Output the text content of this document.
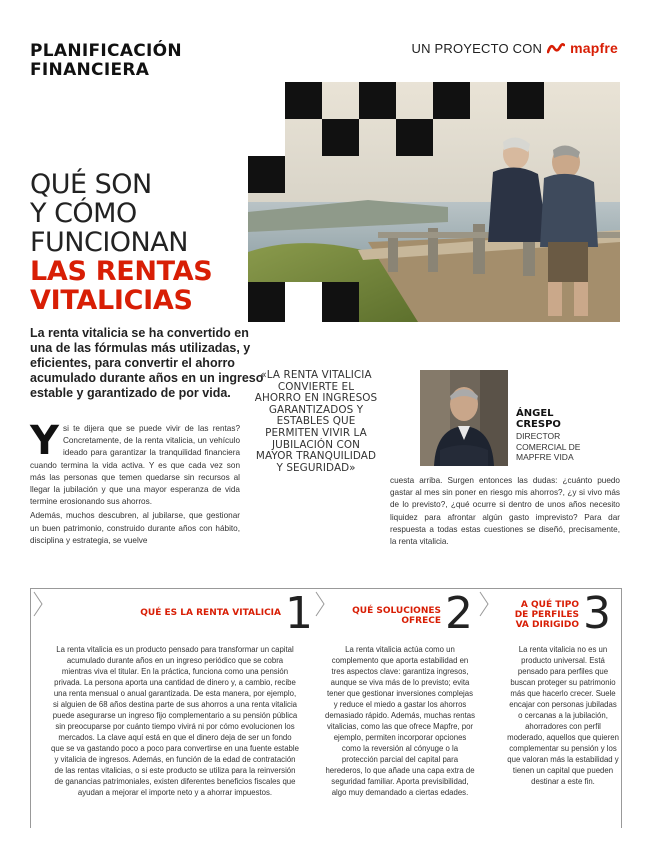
PLANIFICACIÓN
FINANCIERA
UN PROYECTO CON mapfre
QUÉ SON
Y CÓMO
FUNCIONAN
LAS RENTAS
VITALICIAS

La renta vitalicia se ha convertido en una de las fórmulas más utilizadas, y eficientes, para convertir el ahorro acumulado durante años en un ingreso estable y garantizado de por vida.

Y si te dijera que se puede vivir de las rentas? Concretamente, de la renta vitalicia, un vehículo ideado para garantizar la tranquilidad financiera cuando termina la vida activa. Y es que cada vez son más las personas que temen quedarse sin recursos al llegar la jubilación y que una mayor esperanza de vida termine erosionando sus ahorros.

Además, muchos descubren, al jubilarse, que gestionar un buen patrimonio, construido durante años con hábito, disciplina y estrategia, se vuelve

«LA RENTA VITALICIA CONVIERTE EL AHORRO EN INGRESOS GARANTIZADOS Y ESTABLES QUE PERMITEN VIVIR LA JUBILACIÓN CON MAYOR TRANQUILIDAD Y SEGURIDAD»
ÁNGEL
CRESPO
DIRECTOR
COMERCIAL DE
MAPFRE VIDA

cuesta arriba. Surgen entonces las dudas: ¿cuánto puedo gastar al mes sin poner en riesgo mis ahorros?, ¿y si vivo más de lo previsto?, ¿qué ocurre si dentro de unos años necesito liquidez para afrontar algún gasto imprevisto? Para dar respuesta a todas estas cuestiones se diseñó, precisamente, la renta vitalicia.

QUÉ ES LA RENTA VITALICIA 1
La renta vitalicia es un producto pensado para transformar un capital acumulado durante años en un ingreso periódico que se cobra mientras viva el titular. En la práctica, funciona como una pensión privada. La persona aporta una cantidad de dinero y, a cambio, recibe una renta mensual o anual garantizada. De esta manera, por ejemplo, si alguien de 68 años destina parte de sus ahorros a una renta vitalicia puede asegurarse un ingreso fijo complementario a su pensión pública sin preocuparse por cuánto tiempo vivirá ni por cómo evolucionen los mercados. La clave aquí está en que el dinero deja de ser un fondo que se va gastando poco a poco para convertirse en una fuente estable y vitalicia de ingresos. Además, en función de la edad de contratación de las rentas vitalicias, o si este producto se utiliza para la reinversión de ganancias patrimoniales, existen diferentes beneficios fiscales que ayudan a mejorar el importe neto y a ahorrar impuestos.
QUÉ SOLUCIONES
OFRECE 2
La renta vitalicia actúa como un complemento que aporta estabilidad en tres aspectos clave: garantiza ingresos, aunque se viva más de lo previsto; evita tener que gestionar inversiones complejas y reduce el miedo a gastar los ahorros demasiado rápido. Además, muchas rentas vitalicias, como las que ofrece Mapfre, por ejemplo, permiten incorporar opciones como la reversión al cónyuge o la protección parcial del capital para herederos, lo que añade una capa extra de seguridad familiar. Aporta previsibilidad, algo muy demandado a ciertas edades.
A QUÉ TIPO
DE PERFILES
VA DIRIGIDO 3
La renta vitalicia no es un producto universal. Está pensado para perfiles que buscan proteger su patrimonio más que hacerlo crecer. Suele encajar con personas jubiladas o cercanas a la jubilación, ahorradores con perfil moderado, aquellos que quieren complementar su pensión y los que valoran más la estabilidad y tienen un capital que pueden destinar a este fin.
